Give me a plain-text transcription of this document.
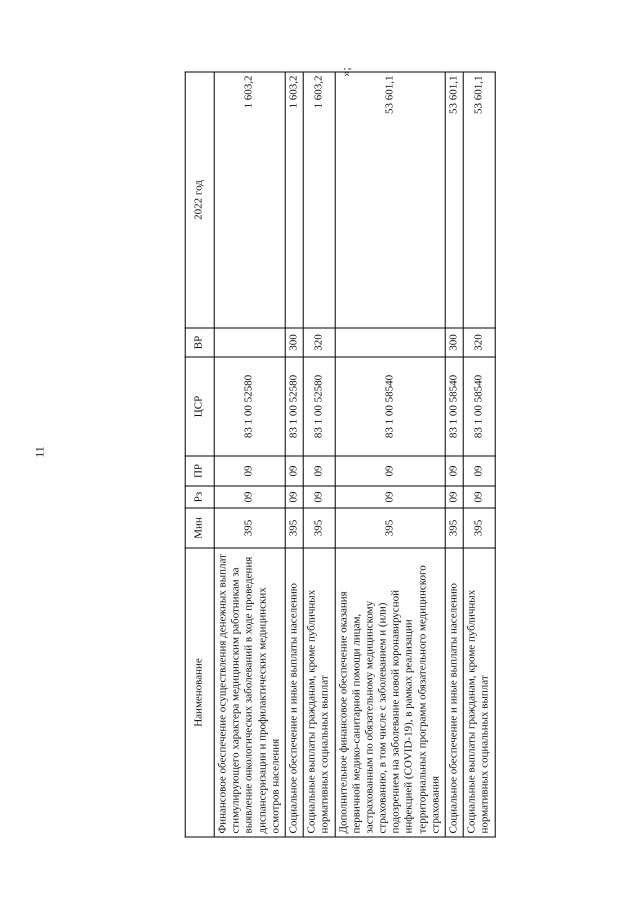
11
»;
Наименование	Мин	Рз	ПР	ЦСР	ВР	2022 год
Финансовое обеспечение осуществления денежных выплат стимулирующего характера медицинским работникам за выявление онкологических заболеваний в ходе проведения диспансеризации и профилактических медицинских осмотров населения	395	09	09	83 1 00 52580		1 603,2
Социальное обеспечение и иные выплаты населению	395	09	09	83 1 00 52580	300	1 603,2
Социальные выплаты гражданам, кроме публичных нормативных социальных выплат	395	09	09	83 1 00 52580	320	1 603,2
Дополнительное финансовое обеспечение оказания первичной медико-санитарной помощи лицам, застрахованным по обязательному медицинскому страхованию, в том числе с заболеванием и (или) подозрением на заболевание новой коронавирусной инфекцией (COVID-19), в рамках реализации территориальных программ обязательного медицинского страхования	395	09	09	83 1 00 58540		53 601,1
Социальное обеспечение и иные выплаты населению	395	09	09	83 1 00 58540	300	53 601,1
Социальные выплаты гражданам, кроме публичных нормативных социальных выплат	395	09	09	83 1 00 58540	320	53 601,1
